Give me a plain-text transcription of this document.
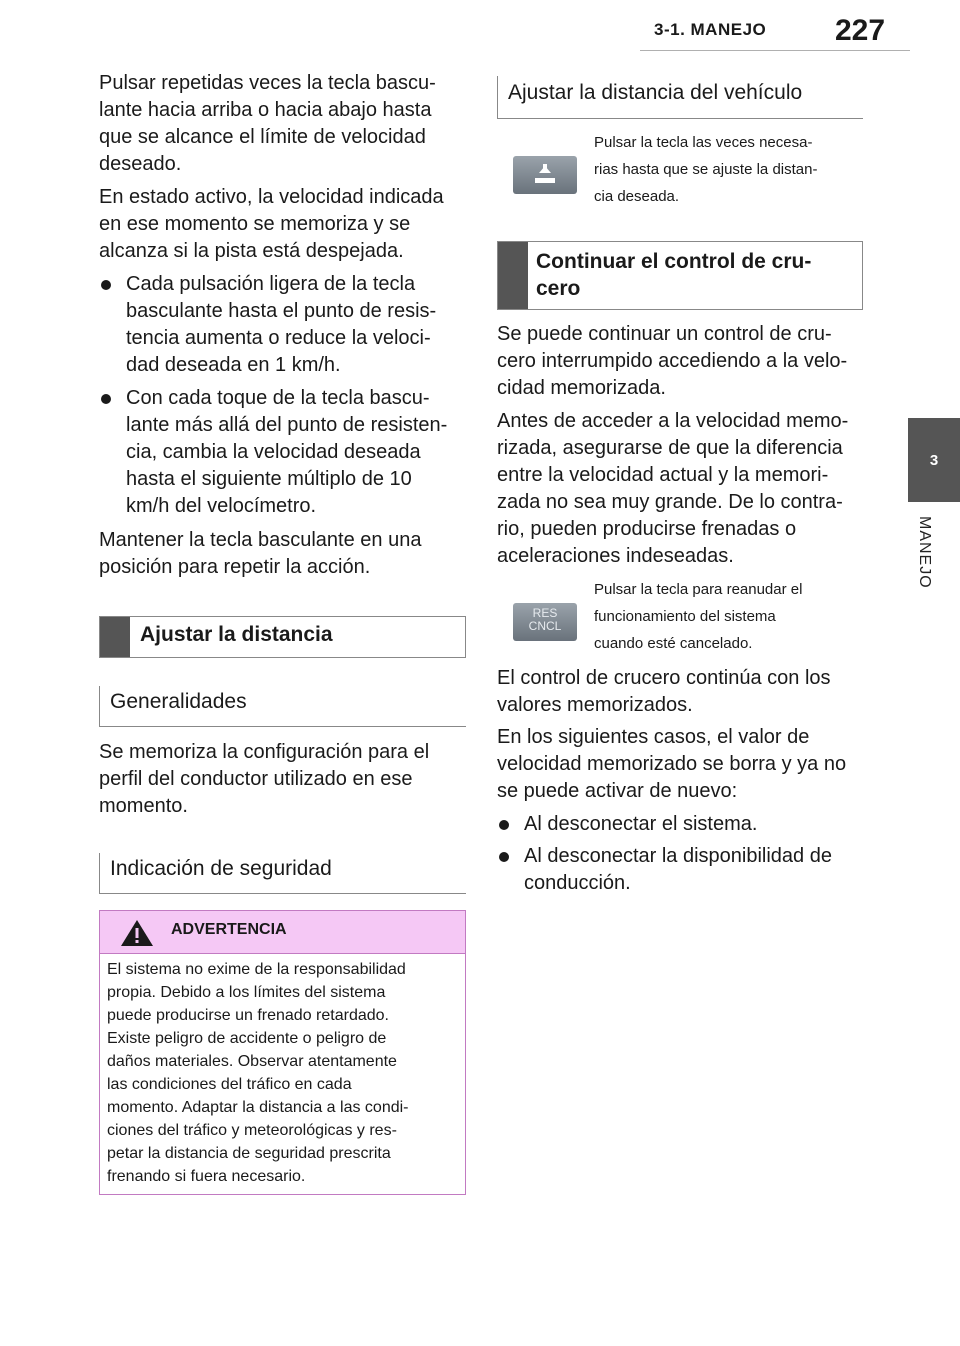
3-1. MANEJO 227
3
MANEJO
Pulsar repetidas veces la tecla bascu-
lante hacia arriba o hacia abajo hasta
que se alcance el límite de velocidad
deseado.
En estado activo, la velocidad indicada
en ese momento se memoriza y se
alcanza si la pista está despejada.
Cada pulsación ligera de la tecla
basculante hasta el punto de resis-
tencia aumenta o reduce la veloci-
dad deseada en 1 km/h.
Con cada toque de la tecla bascu-
lante más allá del punto de resisten-
cia, cambia la velocidad deseada
hasta el siguiente múltiplo de 10
km/h del velocímetro.
Mantener la tecla basculante en una
posición para repetir la acción.
Ajustar la distancia
Generalidades
Se memoriza la configuración para el
perfil del conductor utilizado en ese
momento.
Indicación de seguridad
ADVERTENCIA
El sistema no exime de la responsabilidad
propia. Debido a los límites del sistema
puede producirse un frenado retardado.
Existe peligro de accidente o peligro de
daños materiales. Observar atentamente
las condiciones del tráfico en cada
momento. Adaptar la distancia a las condi-
ciones del tráfico y meteorológicas y res-
petar la distancia de seguridad prescrita
frenando si fuera necesario.
Ajustar la distancia del vehículo
Pulsar la tecla las veces necesa-
rias hasta que se ajuste la distan-
cia deseada.
Continuar el control de cru-
cero
Se puede continuar un control de cru-
cero interrumpido accediendo a la velo-
cidad memorizada.
Antes de acceder a la velocidad memo-
rizada, asegurarse de que la diferencia
entre la velocidad actual y la memori-
zada no sea muy grande. De lo contra-
rio, pueden producirse frenadas o
aceleraciones indeseadas.
RES
CNCL
Pulsar la tecla para reanudar el
funcionamiento del sistema
cuando esté cancelado.
El control de crucero continúa con los
valores memorizados.
En los siguientes casos, el valor de
velocidad memorizado se borra y ya no
se puede activar de nuevo:
Al desconectar el sistema.
Al desconectar la disponibilidad de
conducción.
